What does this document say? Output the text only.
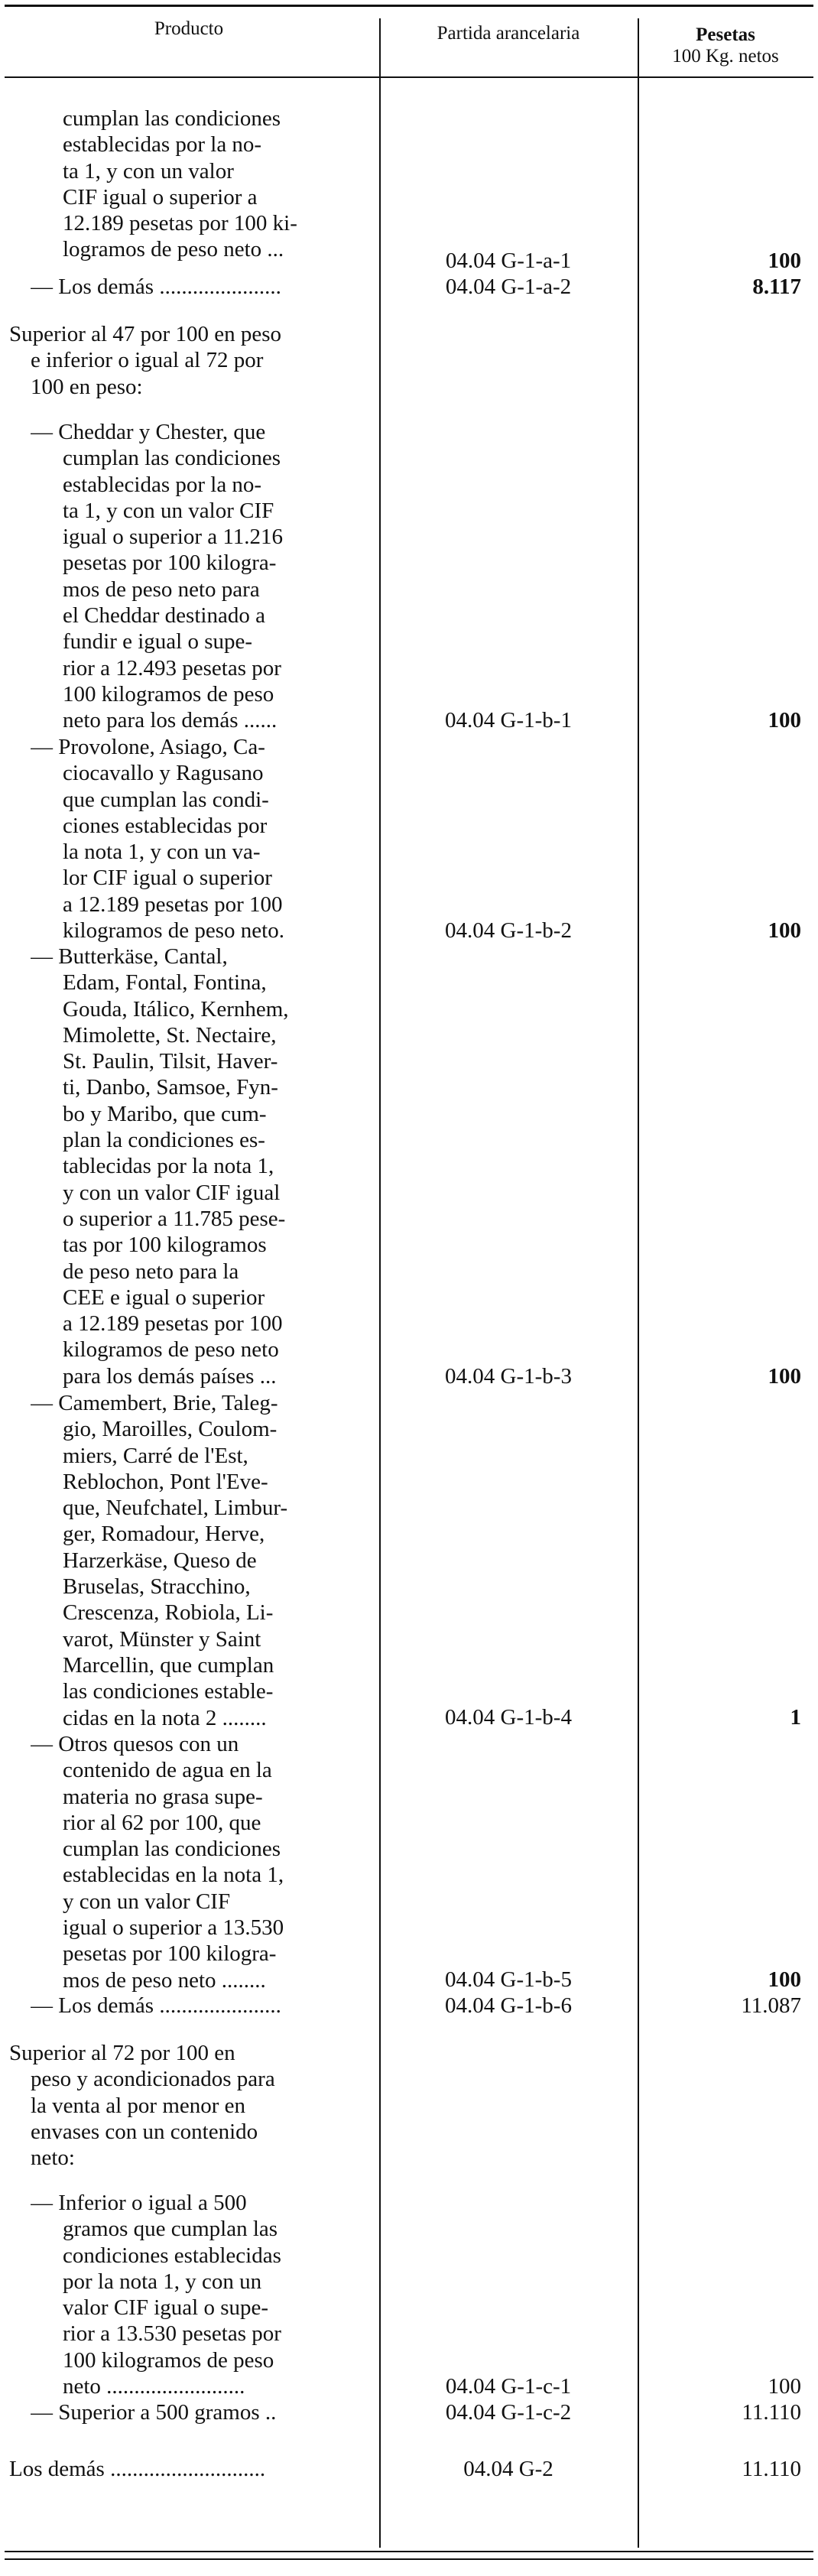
Producto	Partida arancelaria	Pesetas
100 Kg. netos
cumplan las condiciones
establecidas por la no-
ta 1, y con un valor
CIF igual o superior a
12.189 pesetas por 100 ki-
logramos de peso neto ...	04.04 G-1-a-1	100
— Los demás ......................	04.04 G-1-a-2	8.117
Superior al 47 por 100 en peso
e inferior o igual al 72 por
100 en peso:
— Cheddar y Chester, que
cumplan las condiciones
establecidas por la no-
ta 1, y con un valor CIF
igual o superior a 11.216
pesetas por 100 kilogra-
mos de peso neto para
el Cheddar destinado a
fundir e igual o supe-
rior a 12.493 pesetas por
100 kilogramos de peso
neto para los demás ......	04.04 G-1-b-1	100
— Provolone, Asiago, Ca-
ciocavallo y Ragusano
que cumplan las condi-
ciones establecidas por
la nota 1, y con un va-
lor CIF igual o superior
a 12.189 pesetas por 100
kilogramos de peso neto.	04.04 G-1-b-2	100
— Butterkäse, Cantal,
Edam, Fontal, Fontina,
Gouda, Itálico, Kernhem,
Mimolette, St. Nectaire,
St. Paulin, Tilsit, Haver-
ti, Danbo, Samsoe, Fyn-
bo y Maribo, que cum-
plan la condiciones es-
tablecidas por la nota 1,
y con un valor CIF igual
o superior a 11.785 pese-
tas por 100 kilogramos
de peso neto para la
CEE e igual o superior
a 12.189 pesetas por 100
kilogramos de peso neto
para los demás países ...	04.04 G-1-b-3	100
— Camembert, Brie, Taleg-
gio, Maroilles, Coulom-
miers, Carré de l'Est,
Reblochon, Pont l'Eve-
que, Neufchatel, Limbur-
ger, Romadour, Herve,
Harzerkäse, Queso de
Bruselas, Stracchino,
Crescenza, Robiola, Li-
varot, Münster y Saint
Marcellin, que cumplan
las condiciones estable-
cidas en la nota 2 ........	04.04 G-1-b-4	1
— Otros quesos con un
contenido de agua en la
materia no grasa supe-
rior al 62 por 100, que
cumplan las condiciones
establecidas en la nota 1,
y con un valor CIF
igual o superior a 13.530
pesetas por 100 kilogra-
mos de peso neto ........	04.04 G-1-b-5	100
— Los demás ......................	04.04 G-1-b-6	11.087
Superior al 72 por 100 en
peso y acondicionados para
la venta al por menor en
envases con un contenido
neto:
— Inferior o igual a 500
gramos que cumplan las
condiciones establecidas
por la nota 1, y con un
valor CIF igual o supe-
rior a 13.530 pesetas por
100 kilogramos de peso
neto .........................	04.04 G-1-c-1	100
— Superior a 500 gramos ..	04.04 G-1-c-2	11.110
Los demás ............................	04.04 G-2	11.110
